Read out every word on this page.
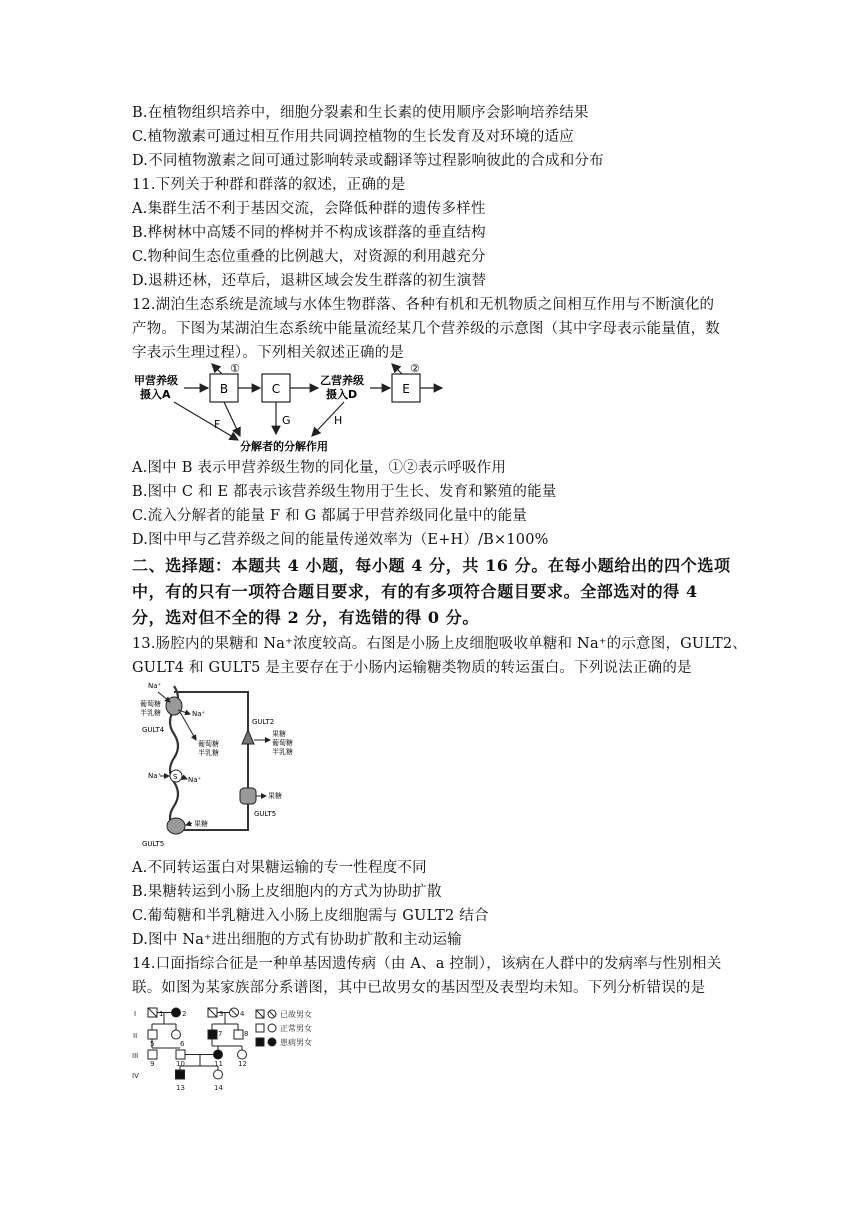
B.在植物组织培养中，细胞分裂素和生长素的使用顺序会影响培养结果
C.植物激素可通过相互作用共同调控植物的生长发育及对环境的适应
D.不同植物激素之间可通过影响转录或翻译等过程影响彼此的合成和分布
11.下列关于种群和群落的叙述，正确的是
A.集群生活不利于基因交流，会降低种群的遗传多样性
B.桦树林中高矮不同的桦树并不构成该群落的垂直结构
C.物种间生态位重叠的比例越大，对资源的利用越充分
D.退耕还林，还草后，退耕区域会发生群落的初生演替
12.湖泊生态系统是流域与水体生物群落、各种有机和无机物质之间相互作用与不断演化的
产物。下图为某湖泊生态系统中能量流经某几个营养级的示意图（其中字母表示能量值，数
字表示生理过程）。下列相关叙述正确的是
甲营养级
摄入A	B
①
C
乙营养级
摄入D	E
②
F	G	H
分解者的分解作用
A.图中 B 表示甲营养级生物的同化量，①②表示呼吸作用
B.图中 C 和 E 都表示该营养级生物用于生长、发育和繁殖的能量
C.流入分解者的能量 F 和 G 都属于甲营养级同化量中的能量
D.图中甲与乙营养级之间的能量传递效率为（E+H）/B×100%
二、选择题：本题共 4 小题，每小题 4 分，共 16 分。在每小题给出的四个选项
中，有的只有一项符合题目要求，有的有多项符合题目要求。全部选对的得 4
分，选对但不全的得 2 分，有选错的得 0 分。
13.肠腔内的果糖和 Na⁺浓度较高。右图是小肠上皮细胞吸收单糖和 Na⁺的示意图，GULT2、
GULT4 和 GULT5 是主要存在于小肠内运输糖类物质的转运蛋白。下列说法正确的是
Na⁺
葡萄糖
半乳糖	Na⁺
GULT4
葡萄糖
半乳糖
Na⁺ S Na⁺
果糖
GULT5
GULT2
果糖
葡萄糖
半乳糖
果糖
GULT5
A.不同转运蛋白对果糖运输的专一性程度不同
B.果糖转运到小肠上皮细胞内的方式为协助扩散
C.葡萄糖和半乳糖进入小肠上皮细胞需与 GULT2 结合
D.图中 Na⁺进出细胞的方式有协助扩散和主动运输
14.口面指综合征是一种单基因遗传病（由 A、a 控制），该病在人群中的发病率与性别相关
联。如图为某家族部分系谱图，其中已故男女的基因型及表型均未知。下列分析错误的是
I
II
III
IV
1	2	3 4
5	6
7	8
9	10	11 12
13	14
已故男女
正常男女
患病男女
